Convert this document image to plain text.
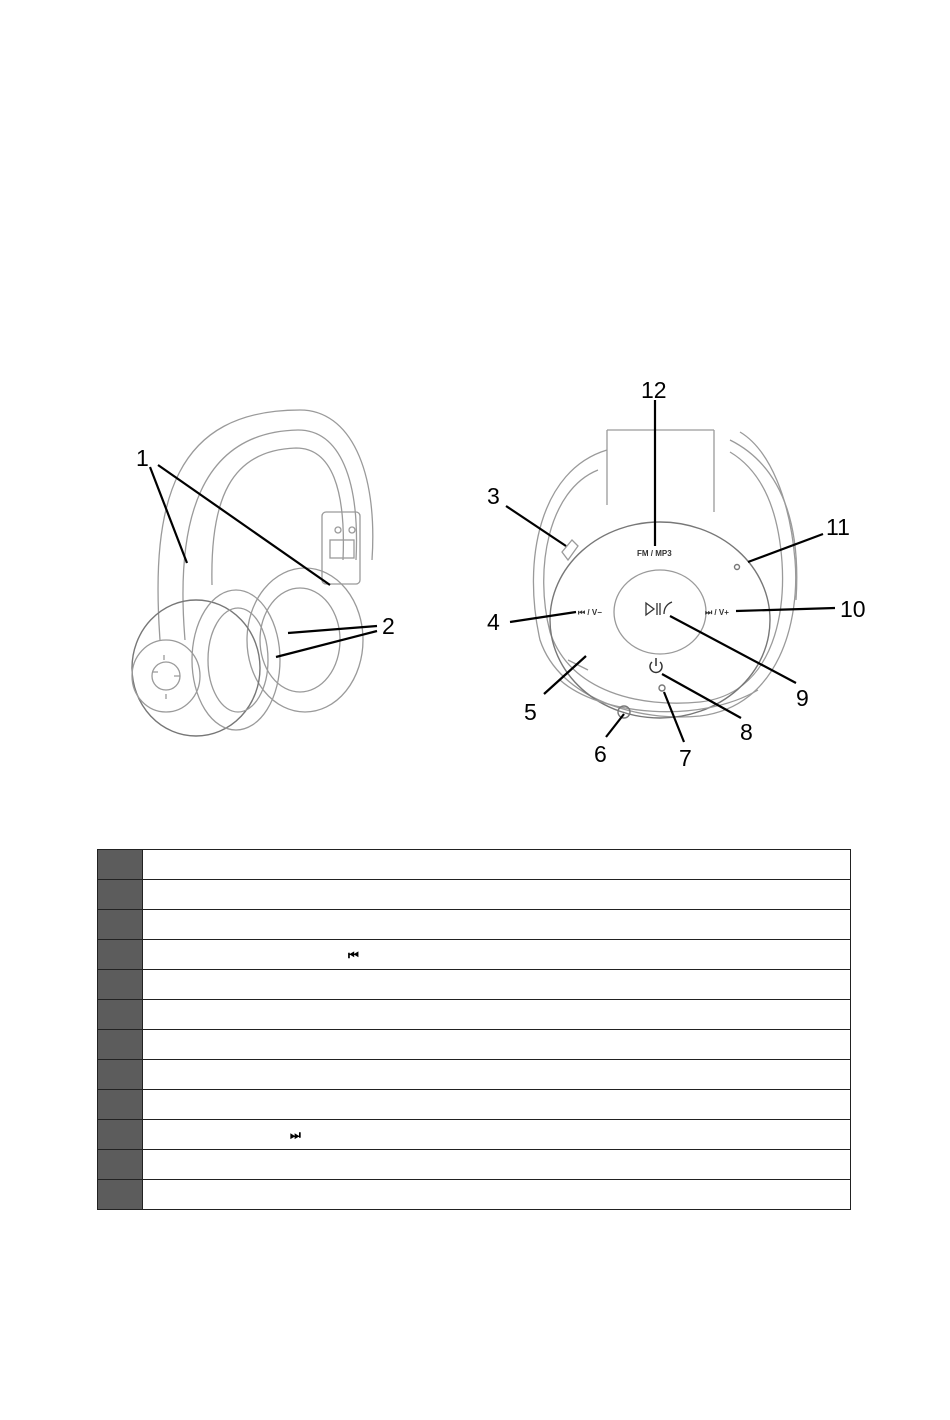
1
2
FM / MP3
⏮ / V−	⏭ / V+
12
3
11
4	10
9
5
8
6	7

	⏮

	⏭
